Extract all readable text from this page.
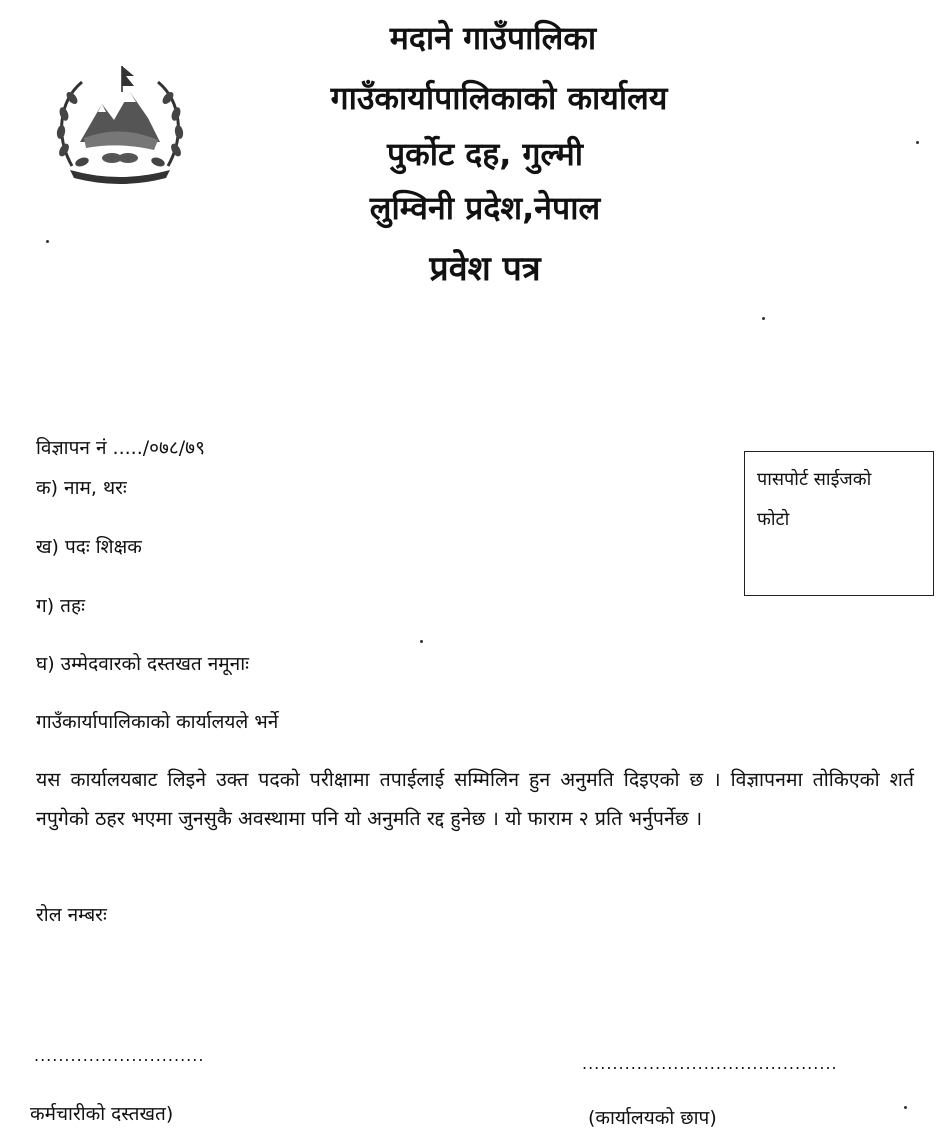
मदाने गाउँपालिका
गाउँकार्यापालिकाको कार्यालय
पुर्कोट दह, गुल्मी
लुम्विनी प्रदेश,नेपाल
प्रवेश पत्र
विज्ञापन नं ...../०७८/७९
क) नाम, थरः
ख) पदः शिक्षक
ग) तहः
घ) उम्मेदवारको दस्तखत नमूनाः
गाउँकार्यापालिकाको कार्यालयले भर्ने
पासपोर्ट साईजको
फोटो
यस कार्यालयबाट लिइने उक्त पदको परीक्षामा तपाईलाई सम्मिलिन हुन अनुमति दिइएको छ । विज्ञापनमा तोकिएको शर्त नपुगेको ठहर भएमा जुनसुकै अवस्थामा पनि यो अनुमति रद्द हुनेछ । यो फाराम २ प्रति भर्नुपर्नेछ ।
रोल नम्बरः
............................	..........................................
कर्मचारीको दस्तखत)	(कार्यालयको छाप)
